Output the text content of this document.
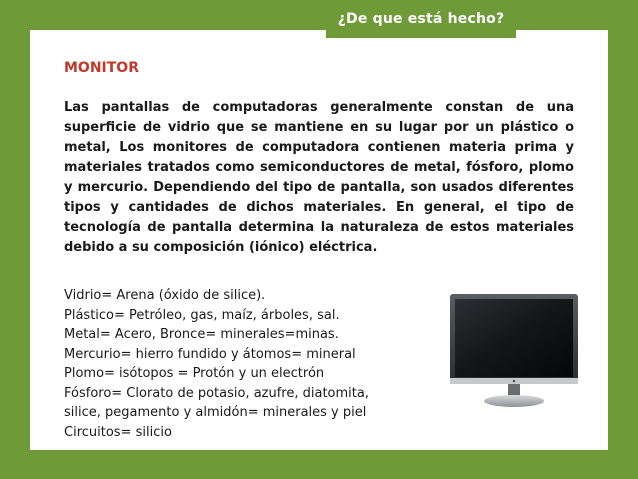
¿De que está hecho?
MONITOR

Las pantallas de computadoras generalmente constan de una superficie de vidrio que se mantiene en su lugar por un plástico o metal, Los monitores de computadora contienen materia prima y materiales tratados como semiconductores de metal, fósforo, plomo y mercurio. Dependiendo del tipo de pantalla, son usados diferentes tipos y cantidades de dichos materiales. En general, el tipo de tecnología de pantalla determina la naturaleza de estos materiales debido a su composición (iónico) eléctrica.

Vidrio= Arena (óxido de silice).
Plástico= Petróleo, gas, maíz, árboles, sal.
Metal= Acero, Bronce= minerales=minas.
Mercurio= hierro fundido y átomos= mineral
Plomo= isótopos = Protón y un electrón
Fósforo= Clorato de potasio, azufre, diatomita,
silice, pegamento y almidón= minerales y piel
Circuitos= silicio
